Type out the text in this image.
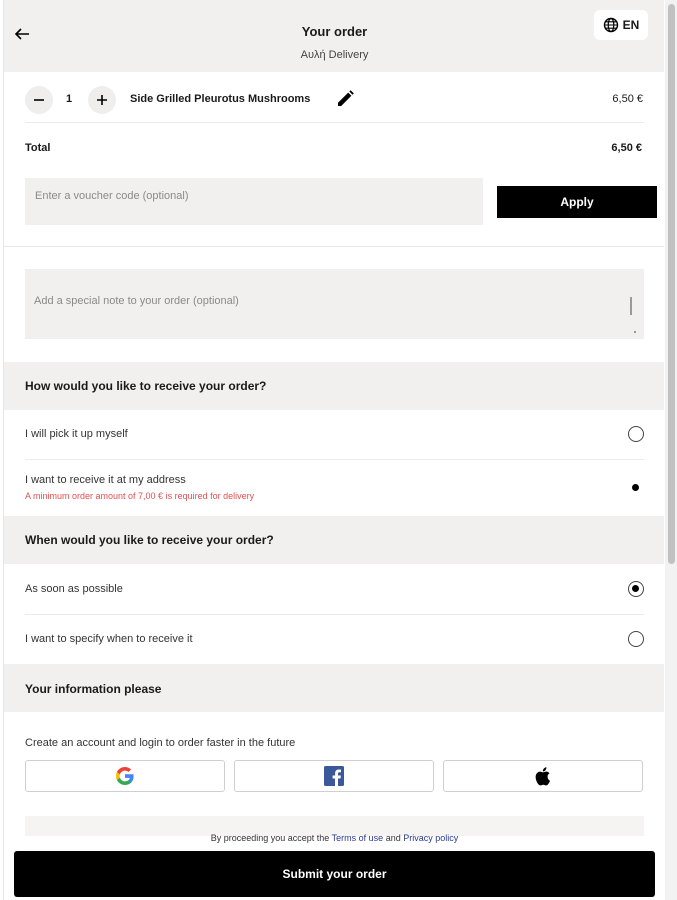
Your order
Αυλή Delivery
EN
1	Side Grilled Pleurotus Mushrooms	6,50 €
Total	6,50 €
Enter a voucher code (optional)
Apply
Add a special note to your order (optional)
How would you like to receive your order?
I will pick it up myself
I want to receive it at my address
A minimum order amount of 7,00 € is required for delivery
When would you like to receive your order?
As soon as possible
I want to specify when to receive it
Your information please
Create an account and login to order faster in the future
By proceeding you accept the Terms of use and Privacy policy
Submit your order
